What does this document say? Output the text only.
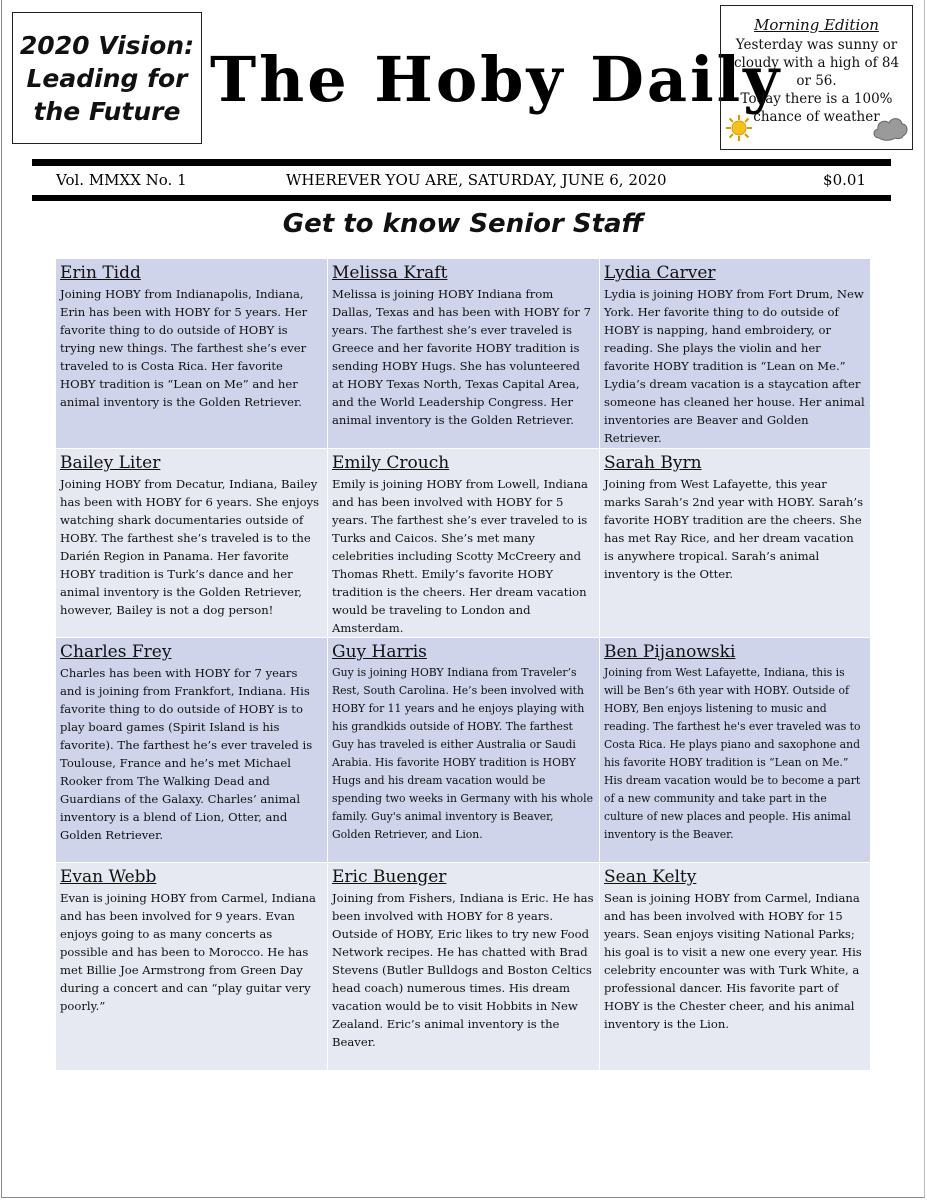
2020 Vision: Leading for the Future The Hoby Daily
Morning Edition
Yesterday was sunny or cloudy with a high of 84 or 56.
Today there is a 100% chance of weather
Vol. MMXX No. 1	WHEREVER YOU ARE, SATURDAY, JUNE 6, 2020	$0.01
Get to know Senior Staff
Erin Tidd
Joining HOBY from Indianapolis, Indiana, Erin has been with HOBY for 5 years. Her favorite thing to do outside of HOBY is trying new things. The farthest she’s ever traveled to is Costa Rica. Her favorite HOBY tradition is “Lean on Me” and her animal inventory is the Golden Retriever.
Melissa Kraft
Melissa is joining HOBY Indiana from Dallas, Texas and has been with HOBY for 7 years. The farthest she’s ever traveled is Greece and her favorite HOBY tradition is sending HOBY Hugs. She has volunteered at HOBY Texas North, Texas Capital Area, and the World Leadership Congress. Her animal inventory is the Golden Retriever.
Lydia Carver
Lydia is joining HOBY from Fort Drum, New York. Her favorite thing to do outside of HOBY is napping, hand embroidery, or reading. She plays the violin and her favorite HOBY tradition is “Lean on Me.” Lydia’s dream vacation is a staycation after someone has cleaned her house. Her animal inventories are Beaver and Golden Retriever.
Bailey Liter
Joining HOBY from Decatur, Indiana, Bailey has been with HOBY for 6 years. She enjoys watching shark documentaries outside of HOBY. The farthest she’s traveled is to the Darién Region in Panama. Her favorite HOBY tradition is Turk’s dance and her animal inventory is the Golden Retriever, however, Bailey is not a dog person!
Emily Crouch
Emily is joining HOBY from Lowell, Indiana and has been involved with HOBY for 5 years. The farthest she’s ever traveled to is Turks and Caicos. She’s met many celebrities including Scotty McCreery and Thomas Rhett. Emily’s favorite HOBY tradition is the cheers. Her dream vacation would be traveling to London and Amsterdam.
Sarah Byrn
Joining from West Lafayette, this year marks Sarah’s 2nd year with HOBY. Sarah’s favorite HOBY tradition are the cheers. She has met Ray Rice, and her dream vacation is anywhere tropical. Sarah’s animal inventory is the Otter.
Charles Frey
Charles has been with HOBY for 7 years and is joining from Frankfort, Indiana. His favorite thing to do outside of HOBY is to play board games (Spirit Island is his favorite). The farthest he’s ever traveled is Toulouse, France and he’s met Michael Rooker from The Walking Dead and Guardians of the Galaxy. Charles’ animal inventory is a blend of Lion, Otter, and Golden Retriever.
Guy Harris
Guy is joining HOBY Indiana from Traveler’s Rest, South Carolina. He’s been involved with HOBY for 11 years and he enjoys playing with his grandkids outside of HOBY. The farthest Guy has traveled is either Australia or Saudi Arabia. His favorite HOBY tradition is HOBY Hugs and his dream vacation would be spending two weeks in Germany with his whole family. Guy's animal inventory is Beaver, Golden Retriever, and Lion.
Ben Pijanowski
Joining from West Lafayette, Indiana, this is will be Ben’s 6th year with HOBY. Outside of HOBY, Ben enjoys listening to music and reading. The farthest he's ever traveled was to Costa Rica. He plays piano and saxophone and his favorite HOBY tradition is “Lean on Me.” His dream vacation would be to become a part of a new community and take part in the culture of new places and people. His animal inventory is the Beaver.
Evan Webb
Evan is joining HOBY from Carmel, Indiana and has been involved for 9 years. Evan enjoys going to as many concerts as possible and has been to Morocco. He has met Billie Joe Armstrong from Green Day during a concert and can “play guitar very poorly.”
Eric Buenger
Joining from Fishers, Indiana is Eric. He has been involved with HOBY for 8 years. Outside of HOBY, Eric likes to try new Food Network recipes. He has chatted with Brad Stevens (Butler Bulldogs and Boston Celtics head coach) numerous times. His dream vacation would be to visit Hobbits in New Zealand. Eric’s animal inventory is the Beaver.
Sean Kelty
Sean is joining HOBY from Carmel, Indiana and has been involved with HOBY for 15 years. Sean enjoys visiting National Parks; his goal is to visit a new one every year. His celebrity encounter was with Turk White, a professional dancer. His favorite part of HOBY is the Chester cheer, and his animal inventory is the Lion.
